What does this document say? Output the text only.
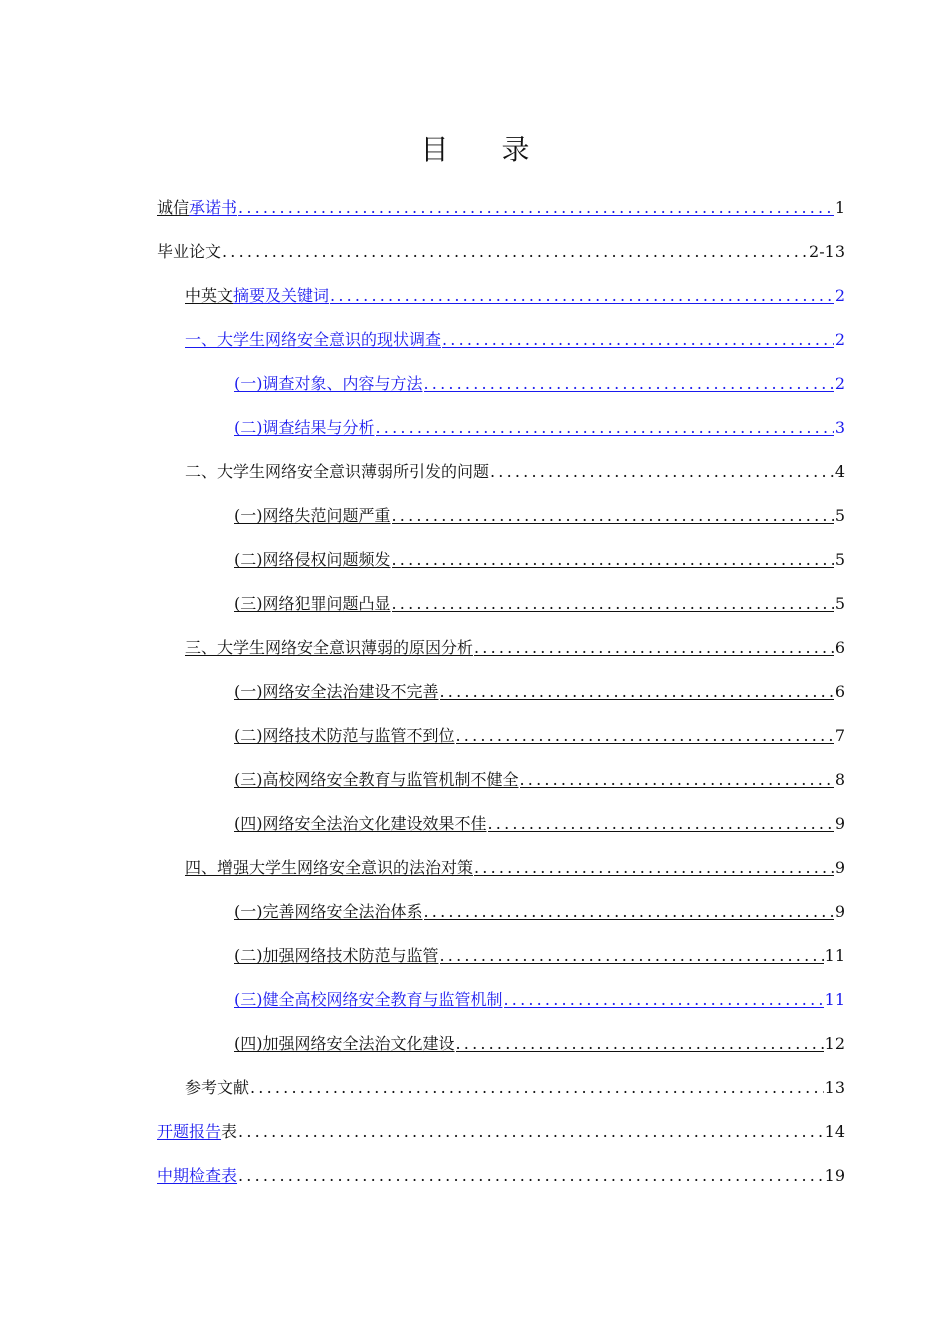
目 录
诚信承诺书 .....	1
毕业论文 .....	2-13
中英文摘要及关键词 .....	2
一、大学生网络安全意识的现状调查 .....	2
(一)调查对象、内容与方法 .....	2
(二)调查结果与分析 .....	3
二、大学生网络安全意识薄弱所引发的问题 .....	4
(一)网络失范问题严重 .....	5
(二)网络侵权问题频发 .....	5
(三)网络犯罪问题凸显 .....	5
三、大学生网络安全意识薄弱的原因分析 .....	6
(一)网络安全法治建设不完善 .....	6
(二)网络技术防范与监管不到位 .....	7
(三)高校网络安全教育与监管机制不健全 .....	8
(四)网络安全法治文化建设效果不佳 .....	9
四、增强大学生网络安全意识的法治对策 .....	9
(一)完善网络安全法治体系 .....	9
(二)加强网络技术防范与监管 .....	11
(三)健全高校网络安全教育与监管机制 .....	11
(四)加强网络安全法治文化建设 .....	12
参考文献 .....	13
开题报告表 .....	14
中期检查表 .....	19
